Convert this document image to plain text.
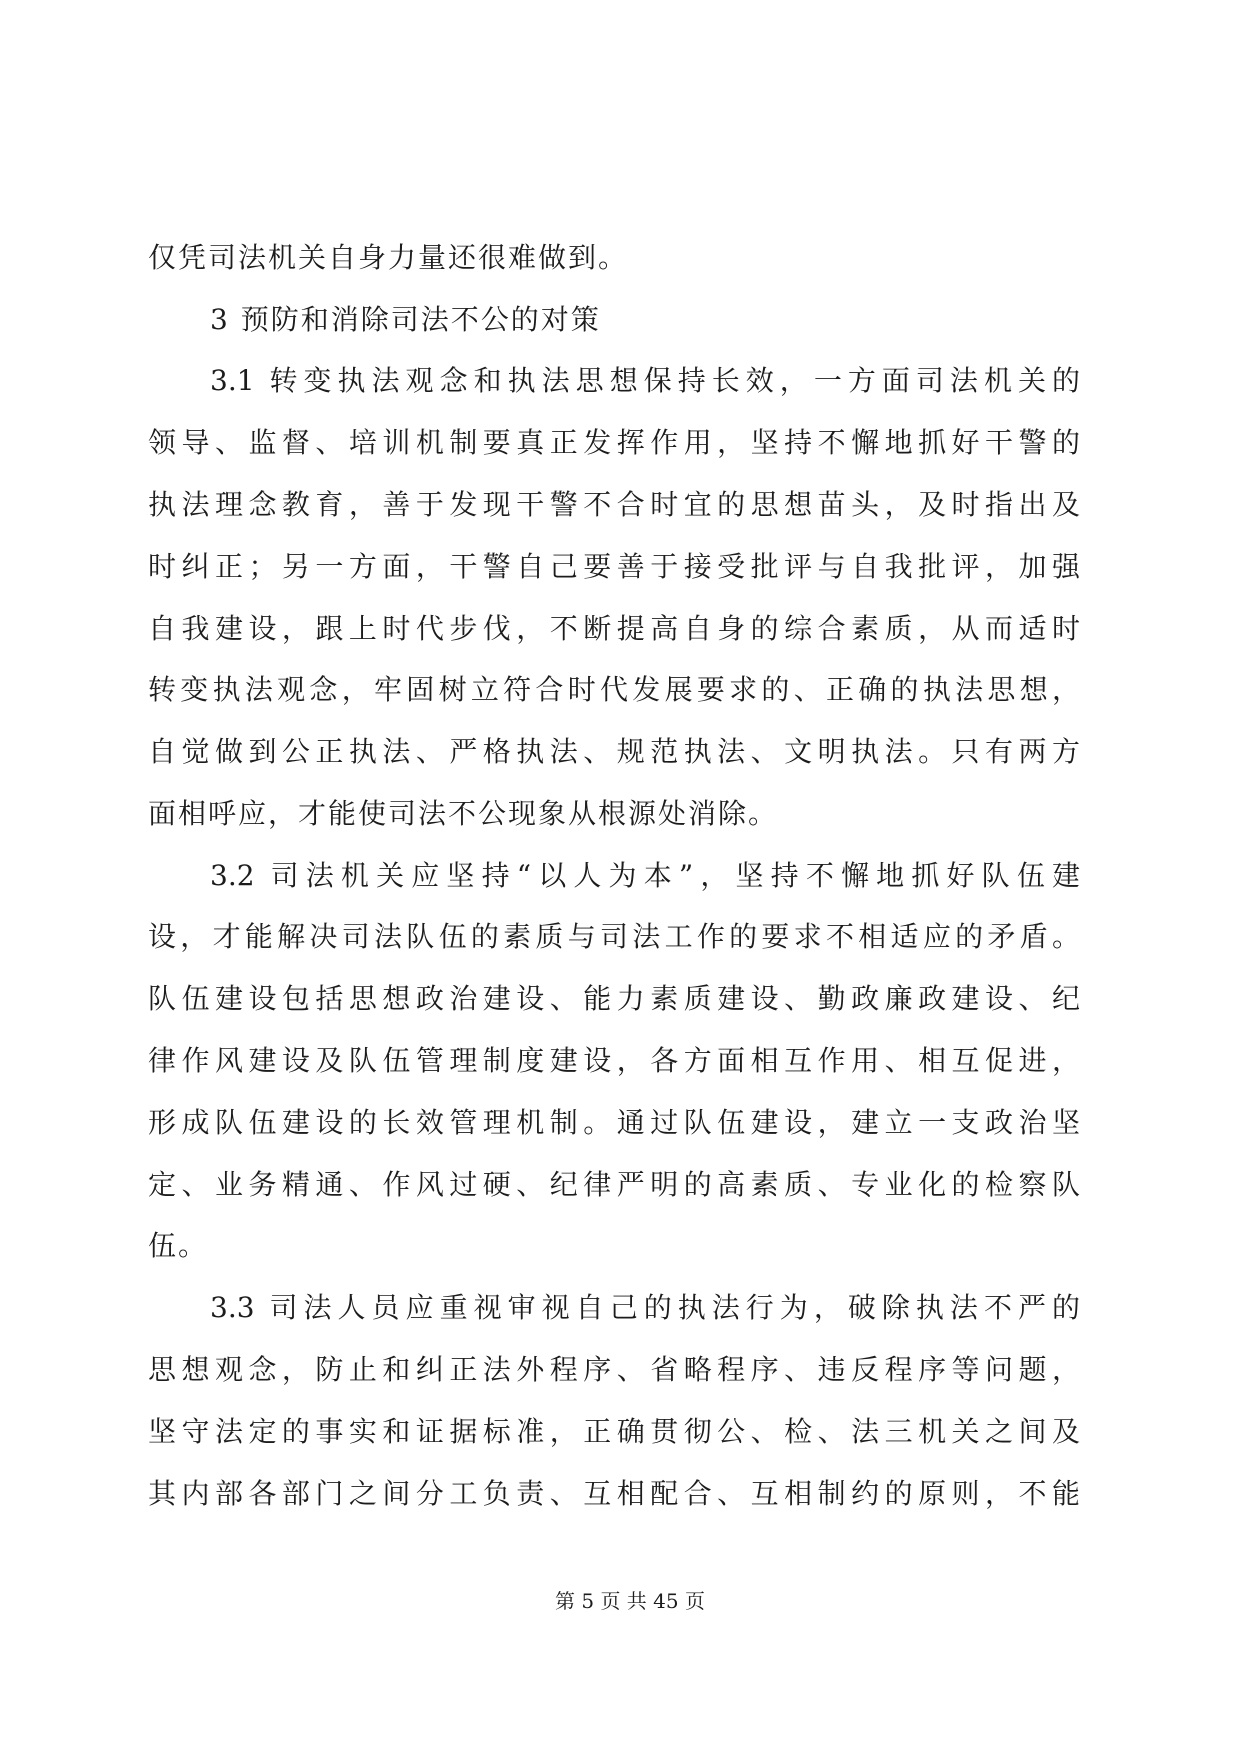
仅凭司法机关自身力量还很难做到。
3 预防和消除司法不公的对策
3.1 转变执法观念和执法思想保持长效，一方面司法机关的
领导、监督、培训机制要真正发挥作用，坚持不懈地抓好干警的
执法理念教育，善于发现干警不合时宜的思想苗头，及时指出及
时纠正；另一方面，干警自己要善于接受批评与自我批评，加强
自我建设，跟上时代步伐，不断提高自身的综合素质，从而适时
转变执法观念，牢固树立符合时代发展要求的、正确的执法思想，
自觉做到公正执法、严格执法、规范执法、文明执法。只有两方
面相呼应，才能使司法不公现象从根源处消除。
3.2 司法机关应坚持“以人为本”，坚持不懈地抓好队伍建
设，才能解决司法队伍的素质与司法工作的要求不相适应的矛盾。
队伍建设包括思想政治建设、能力素质建设、勤政廉政建设、纪
律作风建设及队伍管理制度建设，各方面相互作用、相互促进，
形成队伍建设的长效管理机制。通过队伍建设，建立一支政治坚
定、业务精通、作风过硬、纪律严明的高素质、专业化的检察队
伍。
3.3 司法人员应重视审视自己的执法行为，破除执法不严的
思想观念，防止和纠正法外程序、省略程序、违反程序等问题，
坚守法定的事实和证据标准，正确贯彻公、检、法三机关之间及
其内部各部门之间分工负责、互相配合、互相制约的原则，不能
第 5 页 共 45 页
